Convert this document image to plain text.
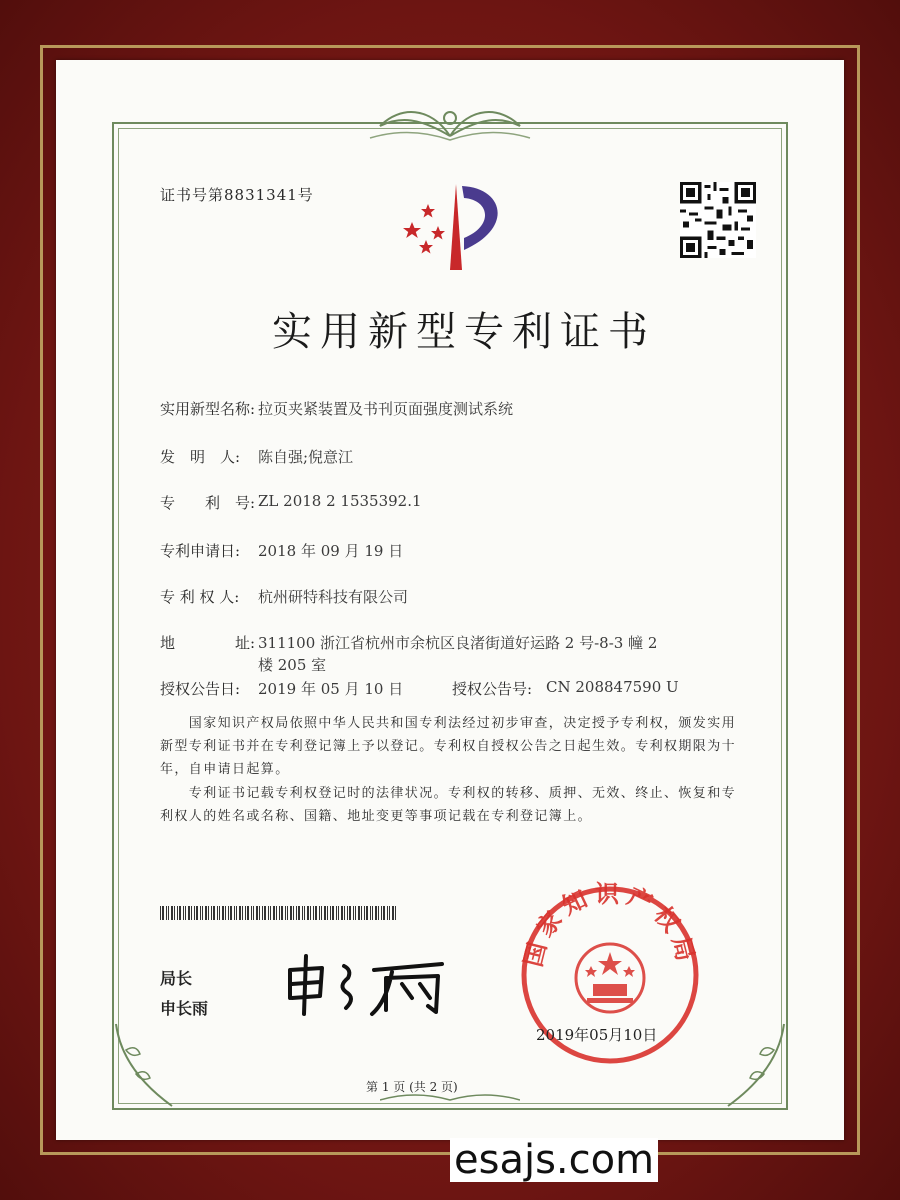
证书号第8831341号
实用新型专利证书
实用新型名称: 拉页夹紧装置及书刊页面强度测试系统
发　明　人: 陈自强;倪意江
专　　利　号: ZL 2018 2 1535392.1
专利申请日: 2018 年 09 月 19 日
专 利 权 人: 杭州研特科技有限公司
地　　　　址: 311100 浙江省杭州市余杭区良渚街道好运路 2 号-8-3 幢 2
楼 205 室
授权公告日: 2019 年 05 月 10 日	授权公告号: CN 208847590 U
　　国家知识产权局依照中华人民共和国专利法经过初步审查，决定授予专利权，颁发实用
新型专利证书并在专利登记簿上予以登记。专利权自授权公告之日起生效。专利权期限为十
年，自申请日起算。
　　专利证书记载专利权登记时的法律状况。专利权的转移、质押、无效、终止、恢复和专
利权人的姓名或名称、国籍、地址变更等事项记载在专利登记簿上。
局长
申长雨
国家知识产权局
2019年05月10日
第 1 页 (共 2 页)
esajs.com
